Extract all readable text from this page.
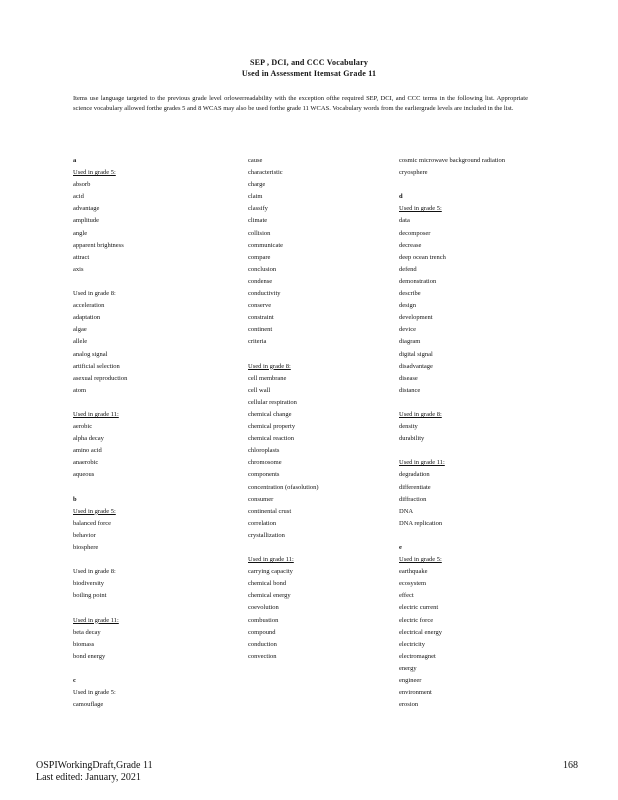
SEP , DCI, and CCC Vocabulary
Used in Assessment Itemsat Grade 11
Items use language targeted to the previous grade level orlowerreadability with the exception ofthe required SEP, DCI, and CCC terms in the following list. Appropriate science vocabulary allowed forthe grades 5 and 8 WCAS may also be used forthe grade 11 WCAS. Vocabulary words from the earliergrade levels are included in the list.
a
Used in grade 5:
absorb
acid
advantage
amplitude
angle
apparent brightness
attract
axis
Used in grade 8:
acceleration
adaptation
algae
allele
analog signal
artificial selection
asexual reproduction
atom
Used in grade 11:
aerobic
alpha decay
amino acid
anaerobic
aqueous
b
Used in grade 5:
balanced force
behavior
biosphere
Used in grade 8:
biodiversity
boiling point
Used in grade 11:
beta decay
biomass
bond energy
c
Used in grade 5:
camouflage
cause
characteristic
charge
claim
classify
climate
collision
communicate
compare
conclusion
condense
conductivity
conserve
constraint
continent
criteria
Used in grade 8:
cell membrane
cell wall
cellular respiration
chemical change
chemical property
chemical reaction
chloroplasts
chromosome
components
concentration (ofasolution)
consumer
continental crust
correlation
crystallization
Used in grade 11:
carrying capacity
chemical bond
chemical energy
coevolution
combustion
compound
conduction
convection
cosmic microwave background radiation
cryosphere
d
Used in grade 5:
data
decomposer
decrease
deep ocean trench
defend
demonstration
describe
design
development
device
diagram
digital signal
disadvantage
disease
distance
Used in grade 8:
density
durability
Used in grade 11:
degradation
differentiate
diffraction
DNA
DNA replication
e
Used in grade 5:
earthquake
ecosystem
effect
electric current
electric force
electrical energy
electricity
electromagnet
energy
engineer
environment
erosion
OSPIWorkingDraft,Grade 11
Last edited: January, 2021
168
